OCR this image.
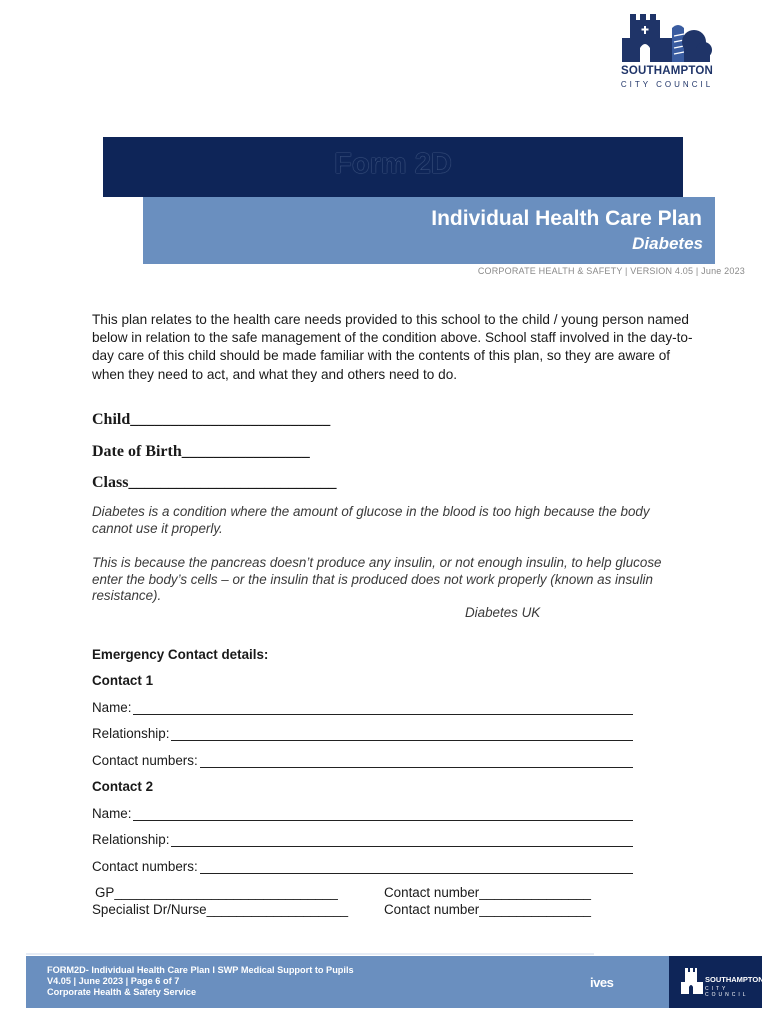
SOUTHAMPTON
CITY COUNCIL
Form 2D
Individual Health Care Plan
Diabetes
CORPORATE HEALTH & SAFETY | VERSION 4.05 | June 2023
This plan relates to the health care needs provided to this school to the child / young person named below in relation to the safe management of the condition above. School staff involved in the day-to-day care of this child should be made familiar with the contents of this plan, so they are aware of when they need to act, and what they and others need to do.
Child_________________________
Date of Birth________________
Class__________________________
Diabetes is a condition where the amount of glucose in the blood is too high because the body cannot use it properly.
This is because the pancreas doesn’t produce any insulin, or not enough insulin, to help glucose enter the body’s cells – or the insulin that is produced does not work properly (known as insulin resistance).
Diabetes UK
Emergency Contact details:
Contact 1
Name:
Relationship:
Contact numbers:
Contact 2
Name:
Relationship:
Contact numbers:
GP______________________________	Contact number_______________
Specialist Dr/Nurse___________________	Contact number_______________
FORM2D- Individual Health Care Plan I SWP Medical Support to Pupils
V4.05 | June 2023 | Page 6 of 7
Corporate Health & Safety Service
ives	SOUTHAMPTON
CITY COUNCIL
